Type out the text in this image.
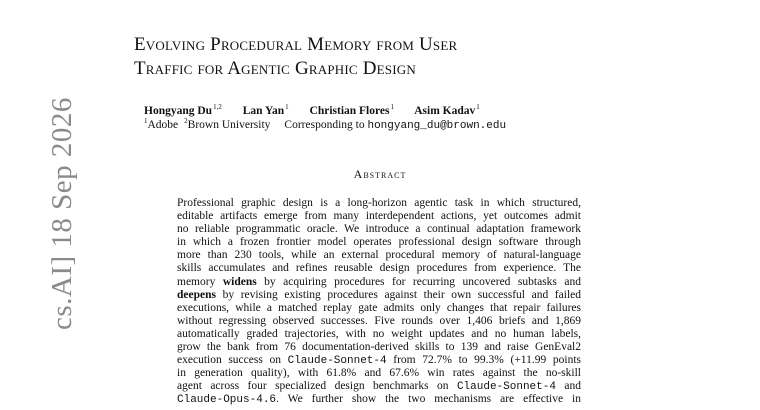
Evolving Procedural Memory from User
Traffic for Agentic Graphic Design
Hongyang Du$^{1,2}$ Lan Yan$^1$ Christian Flores$^1$ Asim Kadav$^1$
$^1$Adobe $^2$Brown University Corresponding to hongyang_du@brown.edu
Abstract
Professional graphic design is a long-horizon agentic task in which structured,
editable artifacts emerge from many interdependent actions, yet outcomes admit
no reliable programmatic oracle. We introduce a continual adaptation framework
in which a frozen frontier model operates professional design software through
more than 230 tools, while an external procedural memory of natural-language
skills accumulates and refines reusable design procedures from experience. The
memory widens by acquiring procedures for recurring uncovered subtasks and
deepens by revising existing procedures against their own successful and failed
executions, while a matched replay gate admits only changes that repair failures
without regressing observed successes. Five rounds over 1,406 briefs and 1,869
automatically graded trajectories, with no weight updates and no human labels,
grow the bank from 76 documentation-derived skills to 139 and raise GenEval2
execution success on Claude-Sonnet-4 from 72.7% to 99.3% (+11.99 points
in generation quality), with 61.8% and 67.6% win rates against the no-skill
agent across four specialized design benchmarks on Claude-Sonnet-4 and
Claude-Opus-4.6. We further show the two mechanisms are effective in
cs.AI] 18 Sep 2026
